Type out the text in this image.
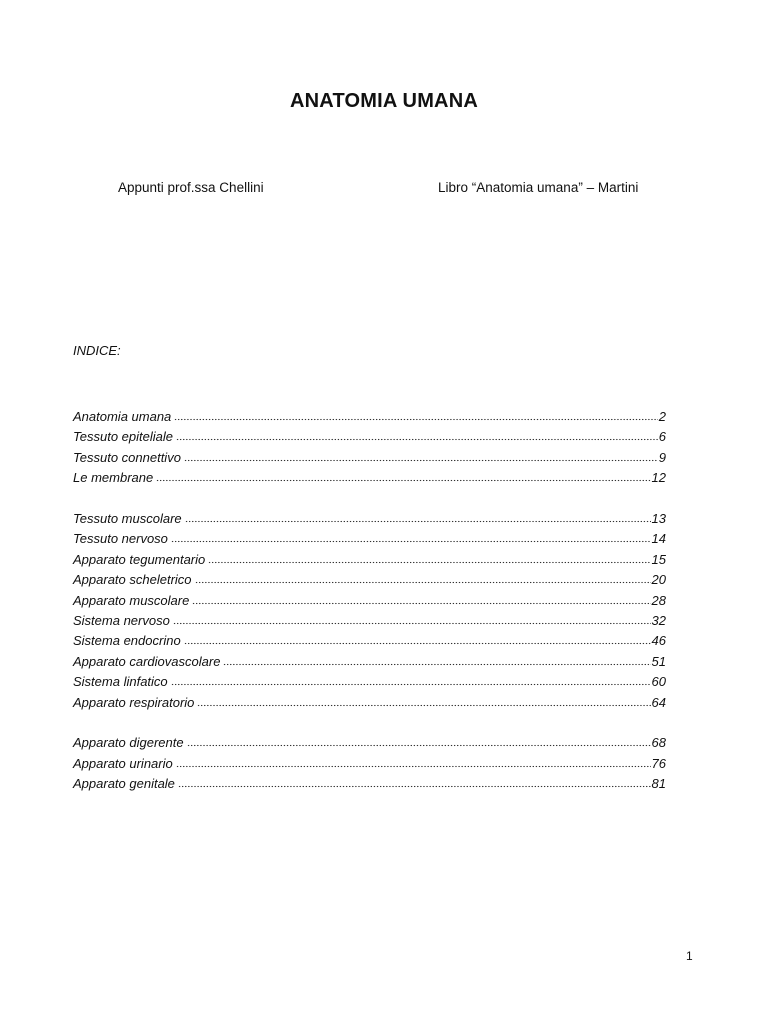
ANATOMIA UMANA
Appunti prof.ssa Chellini	Libro “Anatomia umana” – Martini
INDICE:
Anatomia umana	2
Tessuto epiteliale	6
Tessuto connettivo	9
Le membrane	12
Tessuto muscolare	13
Tessuto nervoso	14
Apparato tegumentario	15
Apparato scheletrico	20
Apparato muscolare	28
Sistema nervoso	32
Sistema endocrino	46
Apparato cardiovascolare	51
Sistema linfatico	60
Apparato respiratorio	64
Apparato digerente	68
Apparato urinario	76
Apparato genitale	81
1
